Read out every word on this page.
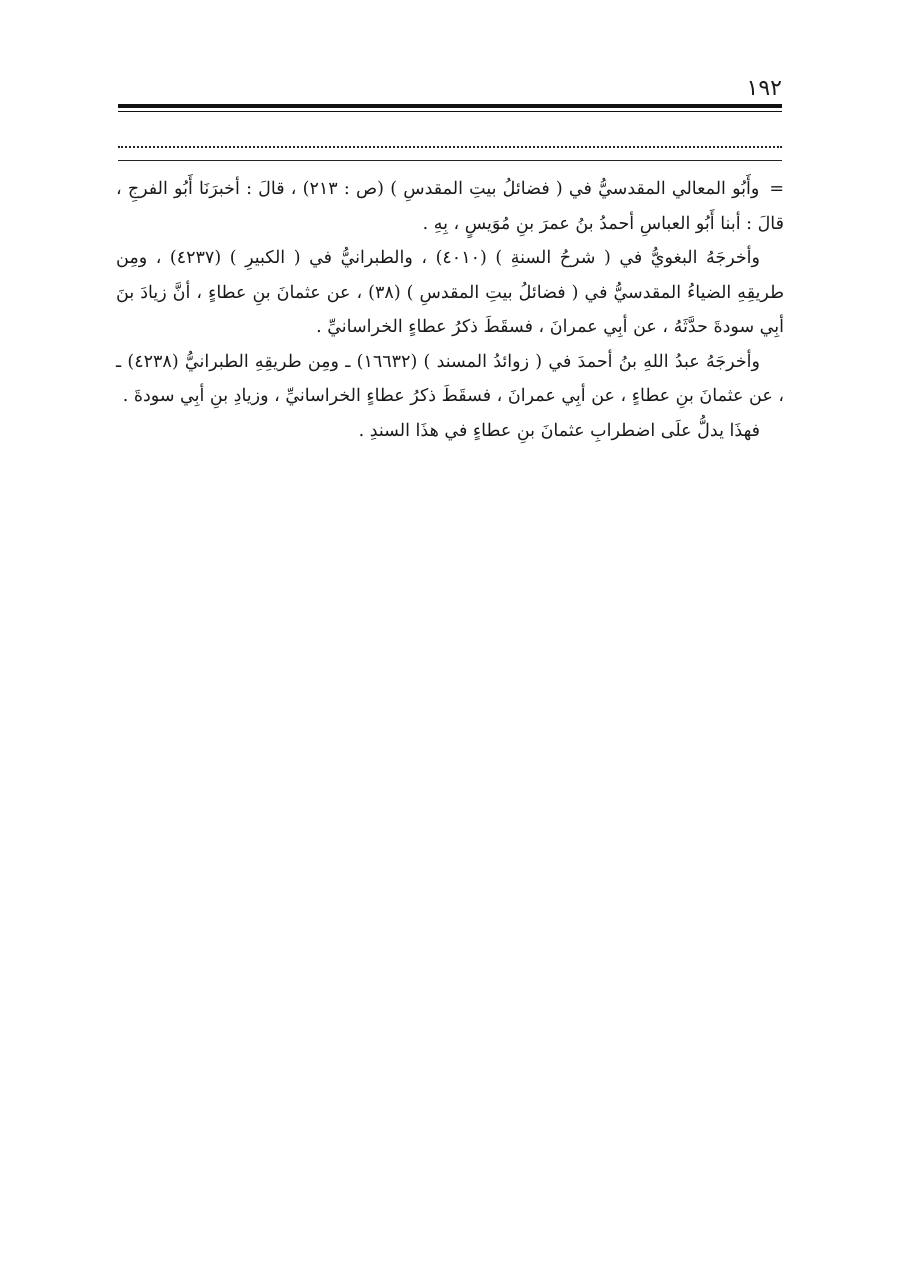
١٩٢

=وأَبُو المعالي المقدسيُّ في ( فضائلُ بيتِ المقدسِ ) (ص : ٢١٣) ، قالَ : أخبرَنَا أَبُو الفرجِ ، قالَ : أبنا أَبُو العباسِ أحمدُ بنُ عمرَ بنِ مُوَيسٍ ، بِهِ .

وأخرجَهُ البغويُّ في ( شرحُ السنةِ ) (٤٠١٠) ، والطبرانيُّ في ( الكبيرِ ) (٤٢٣٧) ، ومِن طريقِهِ الضياءُ المقدسيُّ في ( فضائلُ بيتِ المقدسِ ) (٣٨) ، عن عثمانَ بنِ عطاءٍ ، أنَّ زيادَ بنَ أبِي سودةَ حدَّثَهُ ، عن أبِي عمرانَ ، فسقَطَ ذكرُ عطاءٍ الخراسانيِّ .

وأخرجَهُ عبدُ اللهِ بنُ أحمدَ في ( زوائدُ المسند ) (١٦٦٣٢) ـ ومِن طريقِهِ الطبرانيُّ (٤٢٣٨) ـ ، عن عثمانَ بنِ عطاءٍ ، عن أبِي عمرانَ ، فسقَطَ ذكرُ عطاءٍ الخراسانيِّ ، وزيادِ بنِ أبِي سودةَ .

فهذَا يدلُّ علَى اضطرابِ عثمانَ بنِ عطاءٍ في هذَا السندِ .
